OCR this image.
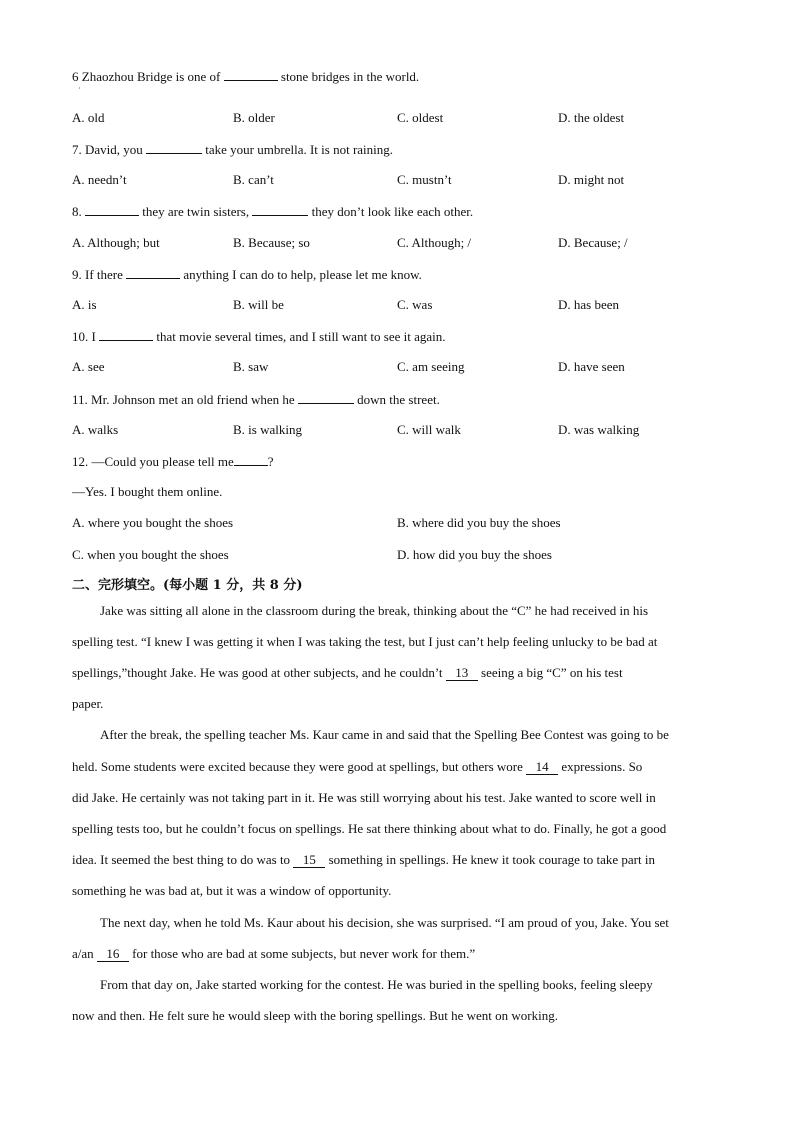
6 Zhaozhou Bridge is one of	stone bridges in the world.
·
A. old	B. older	C. oldest	D. the oldest
7. David, you	take your umbrella. It is not raining.
A. needn’t	B. can’t	C. mustn’t	D. might not
8.	they are twin sisters,	they don’t look like each other.
A. Although; but	B. Because; so	C. Although; /	D. Because; /
9. If there	anything I can do to help, please let me know.
A. is	B. will be	C. was	D. has been
10. I	that movie several times, and I still want to see it again.
A. see	B. saw	C. am seeing	D. have seen
11. Mr. Johnson met an old friend when he	down the street.
A. walks	B. is walking	C. will walk	D. was walking
12. —Could you please tell me	?
—Yes. I bought them online.
A. where you bought the shoes	B. where did you buy the shoes
C. when you bought the shoes	D. how did you buy the shoes
二、完形填空。(每小题 1 分，共 8 分)
Jake was sitting all alone in the classroom during the break, thinking about the “C” he had received in his
spelling test. “I knew I was getting it when I was taking the test, but I just can’t help feeling unlucky to be bad at
spellings,”thought Jake. He was good at other subjects, and he couldn’t   13   seeing a big “C” on his test
paper.
After the break, the spelling teacher Ms. Kaur came in and said that the Spelling Bee Contest was going to be
held. Some students were excited because they were good at spellings, but others wore   14   expressions. So
did Jake. He certainly was not taking part in it. He was still worrying about his test. Jake wanted to score well in
spelling tests too, but he couldn’t focus on spellings. He sat there thinking about what to do. Finally, he got a good
idea. It seemed the best thing to do was to   15   something in spellings. He knew it took courage to take part in
something he was bad at, but it was a window of opportunity.
The next day, when he told Ms. Kaur about his decision, she was surprised. “I am proud of you, Jake. You set
a/an   16   for those who are bad at some subjects, but never work for them.”
From that day on, Jake started working for the contest. He was buried in the spelling books, feeling sleepy
now and then. He felt sure he would sleep with the boring spellings. But he went on working.
